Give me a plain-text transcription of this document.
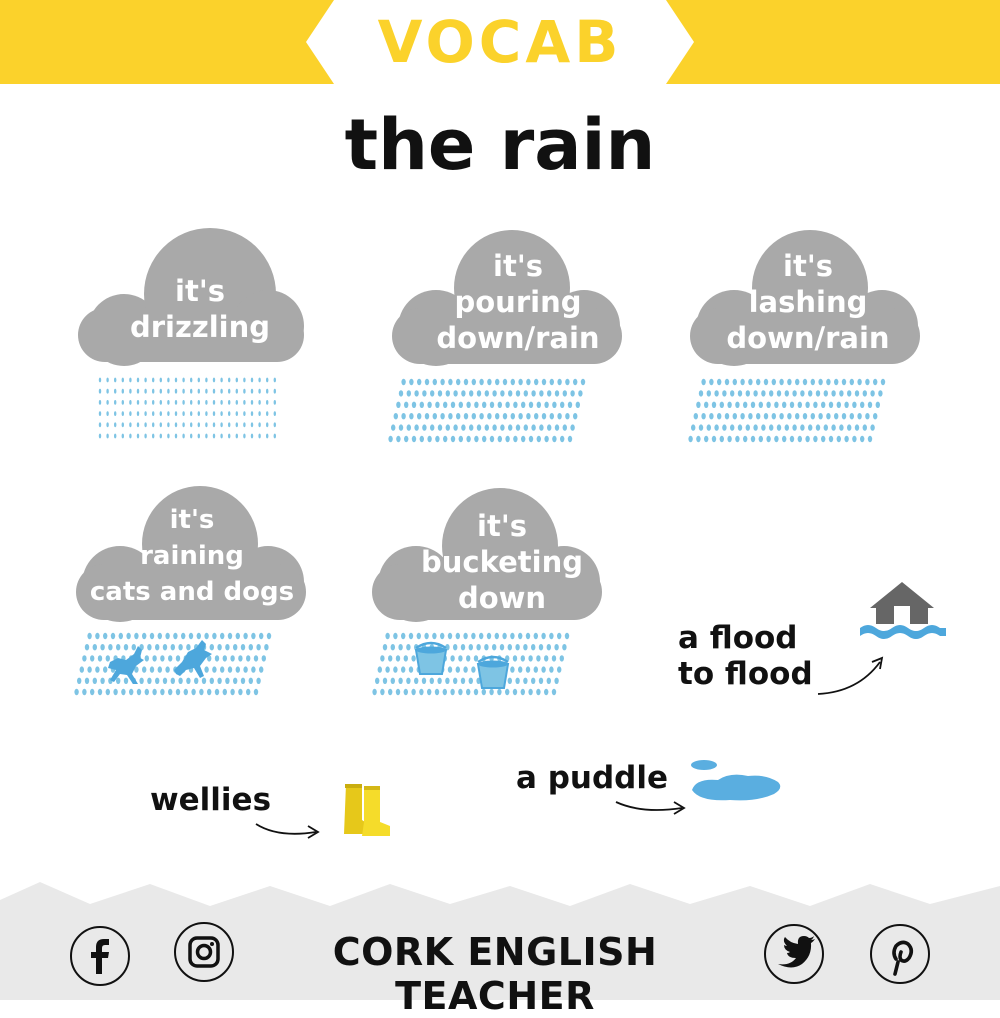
VOCAB
the rain
it's
drizzling
it's
pouring
down/rain
it's
lashing
down/rain
it's
raining
cats and dogs
it's
bucketing
down
a flood
to flood
a puddle
wellies
CORK ENGLISH TEACHER
